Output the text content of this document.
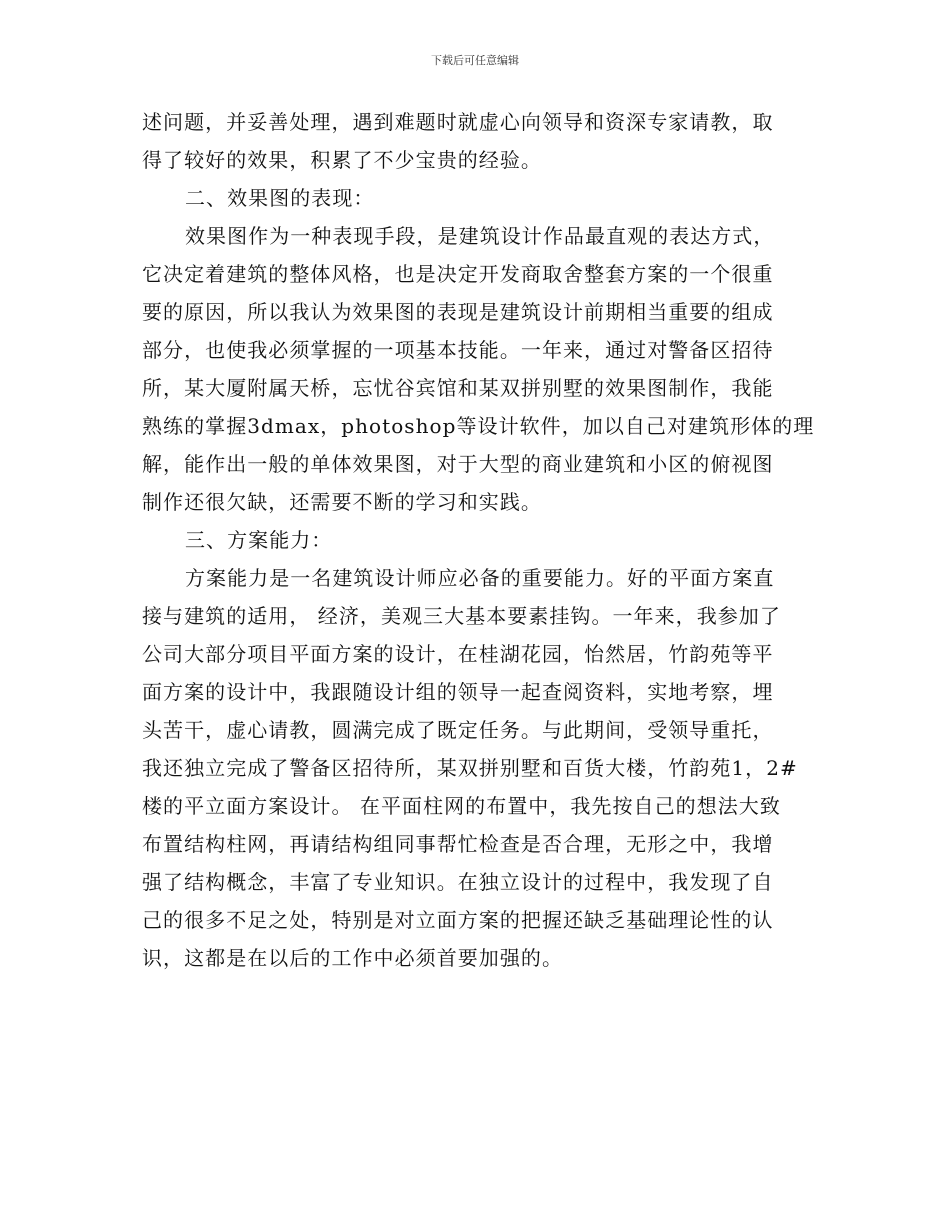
下载后可任意编辑
述问题，并妥善处理，遇到难题时就虚心向领导和资深专家请教，取
得了较好的效果，积累了不少宝贵的经验。
二、效果图的表现：
效果图作为一种表现手段，是建筑设计作品最直观的表达方式，
它决定着建筑的整体风格，也是决定开发商取舍整套方案的一个很重
要的原因，所以我认为效果图的表现是建筑设计前期相当重要的组成
部分，也使我必须掌握的一项基本技能。一年来，通过对警备区招待
所，某大厦附属天桥，忘忧谷宾馆和某双拼别墅的效果图制作，我能
熟练的掌握3dmax，photoshop等设计软件，加以自己对建筑形体的理
解，能作出一般的单体效果图，对于大型的商业建筑和小区的俯视图
制作还很欠缺，还需要不断的学习和实践。
三、方案能力：
方案能力是一名建筑设计师应必备的重要能力。好的平面方案直
接与建筑的适用， 经济，美观三大基本要素挂钩。一年来，我参加了
公司大部分项目平面方案的设计，在桂湖花园，怡然居，竹韵苑等平
面方案的设计中，我跟随设计组的领导一起查阅资料，实地考察，埋
头苦干，虚心请教，圆满完成了既定任务。与此期间，受领导重托，
我还独立完成了警备区招待所，某双拼别墅和百货大楼，竹韵苑1，2#
楼的平立面方案设计。 在平面柱网的布置中，我先按自己的想法大致
布置结构柱网，再请结构组同事帮忙检查是否合理，无形之中，我增
强了结构概念，丰富了专业知识。在独立设计的过程中，我发现了自
己的很多不足之处，特别是对立面方案的把握还缺乏基础理论性的认
识，这都是在以后的工作中必须首要加强的。
